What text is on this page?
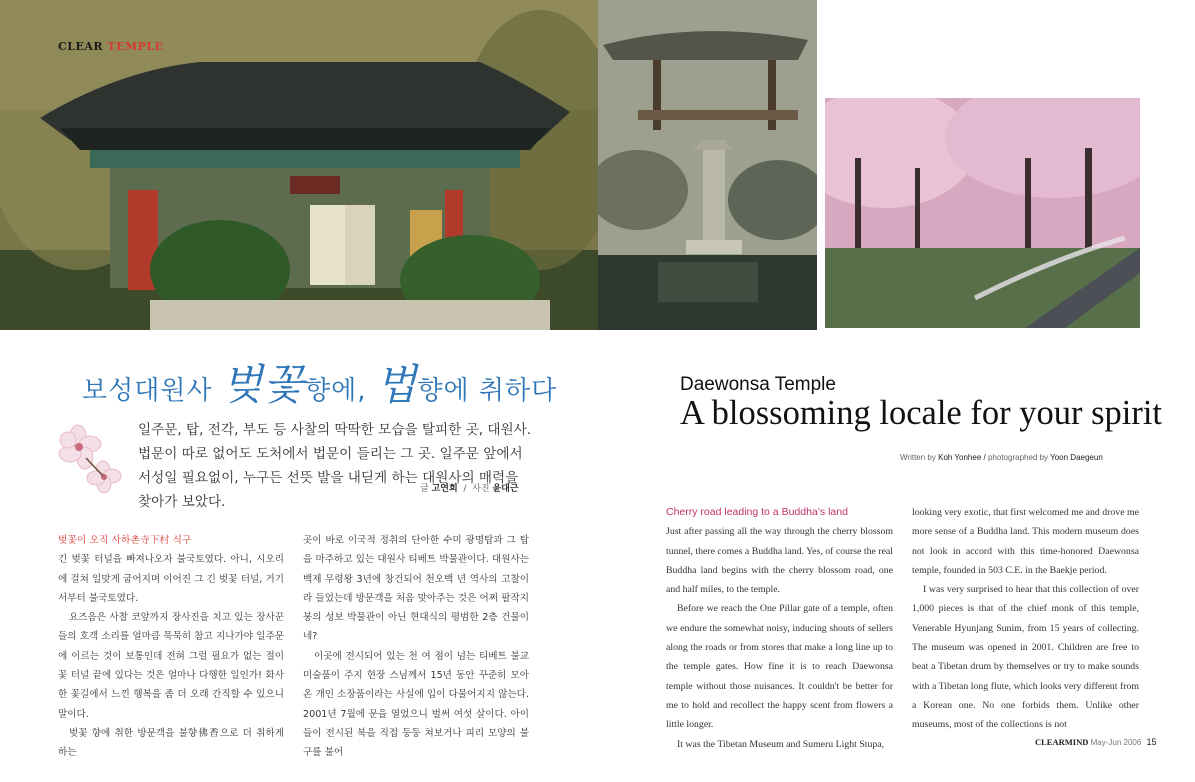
CLEAR TEMPLE
보성대원사 벚꽃향에, 법향에 취하다
일주문, 탑, 전각, 부도 등 사찰의 딱딱한 모습을 탈피한 곳, 대원사. 법문이 따로 없어도 도처에서 법문이 들리는 그 곳. 일주문 앞에서 서성일 필요없이, 누구든 선뜻 발을 내딛게 하는 대원사의 매력을 찾아가 보았다.
글 고연희 / 사진 윤대근

벚꽃이 오직 사하촌寺下村 식구

긴 벚꽃 터널을 빠져나오자 불국토였다. 아니, 시오리에 걸쳐 일맞게 굽어지며 이어진 그 긴 벚꽃 터널, 거기서부터 불국토였다.

요즈음은 사찰 코앞까지 장사진을 치고 있는 장사꾼들의 호객 소리를 얼마큼 묵묵히 참고 지나가야 일주문에 이르는 것이 보통인데 전혀 그럴 필요가 없는 절이 꽃 터널 끝에 있다는 것은 얼마나 다행한 일인가! 화사한 꽃길에서 느낀 행복을 좀 더 오래 간직할 수 있으니 말이다.

벚꽃 향에 취한 방문객을 불향佛香으로 더 취하게 하는

곳이 바로 이국적 정취의 단아한 수미 광명탑과 그 탑을 마주하고 있는 대원사 티베트 박물관이다. 대원사는 백제 무령왕 3년에 창건되어 천오백 년 역사의 고찰이라 들었는데 방문객을 처음 맞아주는 것은 어쩌 팔작지붕의 성보 박물관이 아닌 현대식의 평범한 2층 건물이네?

이곳에 전시되어 있는 천 여 점이 넘는 티베트 불교 미술품이 주지 현장 스님께서 15년 동안 꾸준히 모아온 개인 소장품이라는 사실에 입이 다물어지지 않는다. 2001년 7월에 문을 열었으니 벌써 여섯 살이다. 아이들이 전시된 북을 직접 둥둥 쳐보거나 피리 모양의 불구를 불어

Daewonsa Temple
A blossoming locale for your spirit
Written by Koh Yonhee / photographed by Yoon Daegeun

Cherry road leading to a Buddha’s land

Just after passing all the way through the cherry blossom tunnel, there comes a Buddha land. Yes, of course the real Buddha land begins with the cherry blossom road, one and half miles, to the temple.

Before we reach the One Pillar gate of a temple, often we endure the somewhat noisy, inducing shouts of sellers along the roads or from stores that make a long line up to the temple gates. How fine it is to reach Daewonsa temple without those nuisances. It couldn't be better for me to hold and recollect the happy scent from flowers a little longer.

It was the Tibetan Museum and Sumeru Light Stupa,

looking very exotic, that first welcomed me and drove me more sense of a Buddha land. This modern museum does not look in accord with this time-honored Daewonsa temple, founded in 503 C.E. in the Baekje period.

I was very surprised to hear that this collection of over 1,000 pieces is that of the chief monk of this temple, Venerable Hyunjang Sunim, from 15 years of collecting. The museum was opened in 2001. Children are free to beat a Tibetan drum by themselves or try to make sounds with a Tibetan long flute, which looks very different from a Korean one. No one forbids them. Unlike other museums, most of the collections is not

CLEARMIND May-Jun 2006 15
